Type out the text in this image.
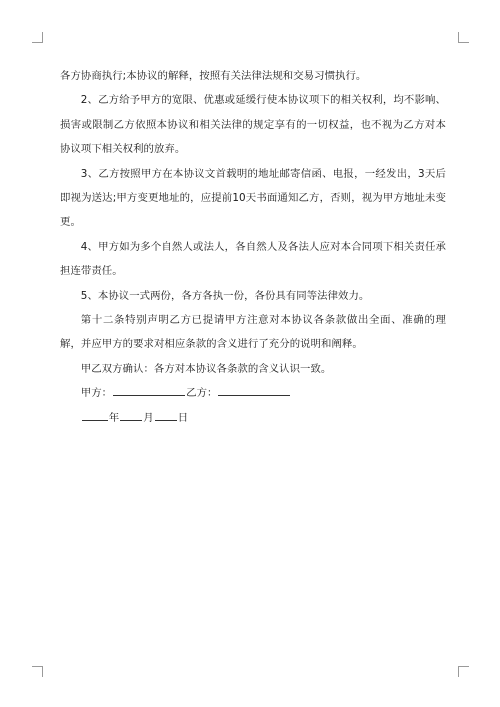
各方协商执行;本协议的解释，按照有关法律法规和交易习惯执行。

2、乙方给予甲方的宽限、优惠或延缓行使本协议项下的相关权利，均不影响、损害或限制乙方依照本协议和相关法律的规定享有的一切权益，也不视为乙方对本协议项下相关权利的放弃。

3、乙方按照甲方在本协议文首载明的地址邮寄信函、电报，一经发出，3天后即视为送达;甲方变更地址的，应提前10天书面通知乙方，否则，视为甲方地址未变更。

4、甲方如为多个自然人或法人，各自然人及各法人应对本合同项下相关责任承担连带责任。

5、本协议一式两份，各方各执一份，各份具有同等法律效力。

第十二条特别声明乙方已提请甲方注意对本协议各条款做出全面、准确的理解，并应甲方的要求对相应条款的含义进行了充分的说明和阐释。

甲乙双方确认：各方对本协议各条款的含义认识一致。

甲方：	乙方：

年 月 日
